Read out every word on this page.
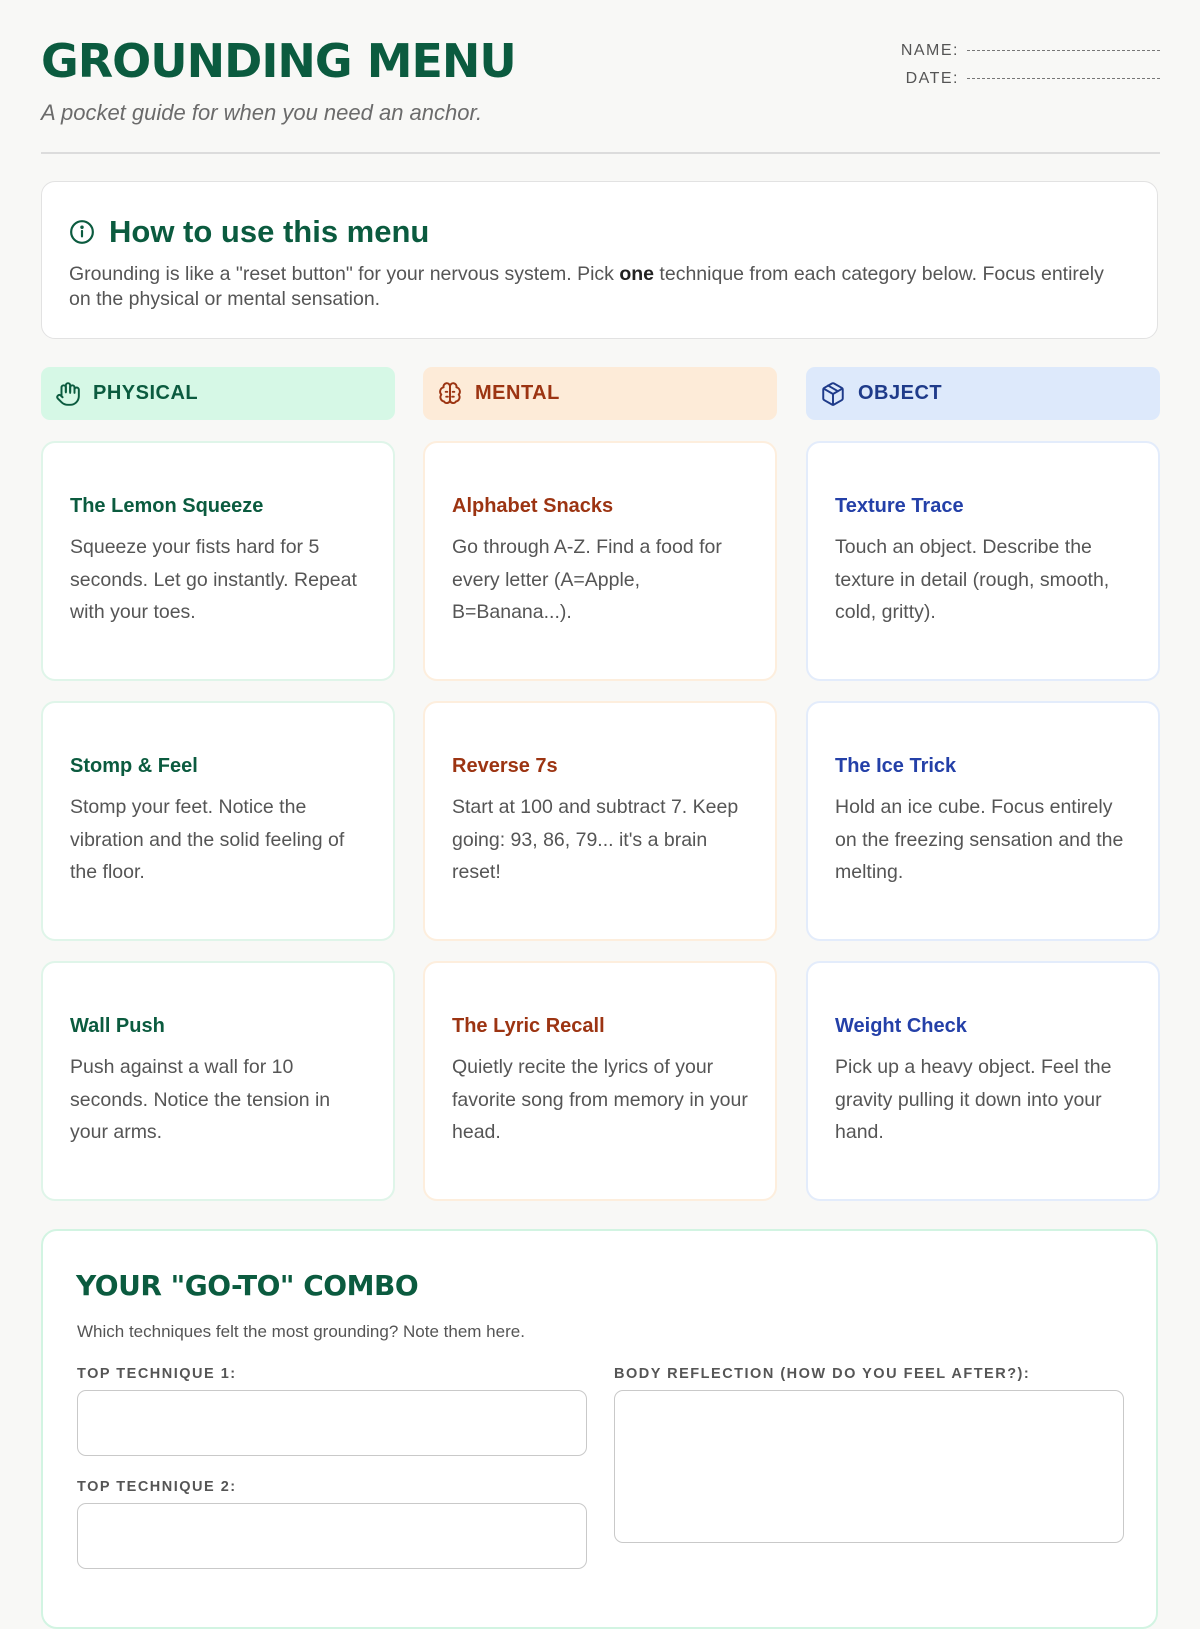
GROUNDING MENU

A pocket guide for when you need an anchor.

NAME:
DATE:
How to use this menu

Grounding is like a "reset button" for your nervous system. Pick one technique from each category below. Focus entirely on the physical or mental sensation.

PHYSICAL	MENTAL	OBJECT
The Lemon Squeeze

Squeeze your fists hard for 5 seconds. Let go instantly. Repeat with your toes.

Stomp & Feel

Stomp your feet. Notice the vibration and the solid feeling of the floor.

Wall Push

Push against a wall for 10 seconds. Notice the tension in your arms.

Alphabet Snacks

Go through A-Z. Find a food for every letter (A=Apple, B=Banana...).

Reverse 7s

Start at 100 and subtract 7. Keep going: 93, 86, 79... it's a brain reset!

The Lyric Recall

Quietly recite the lyrics of your favorite song from memory in your head.

Texture Trace

Touch an object. Describe the texture in detail (rough, smooth, cold, gritty).

The Ice Trick

Hold an ice cube. Focus entirely on the freezing sensation and the melting.

Weight Check

Pick up a heavy object. Feel the gravity pulling it down into your hand.

YOUR "GO-TO" COMBO

Which techniques felt the most grounding? Note them here.

TOP TECHNIQUE 1:
TOP TECHNIQUE 2:
BODY REFLECTION (HOW DO YOU FEEL AFTER?):
